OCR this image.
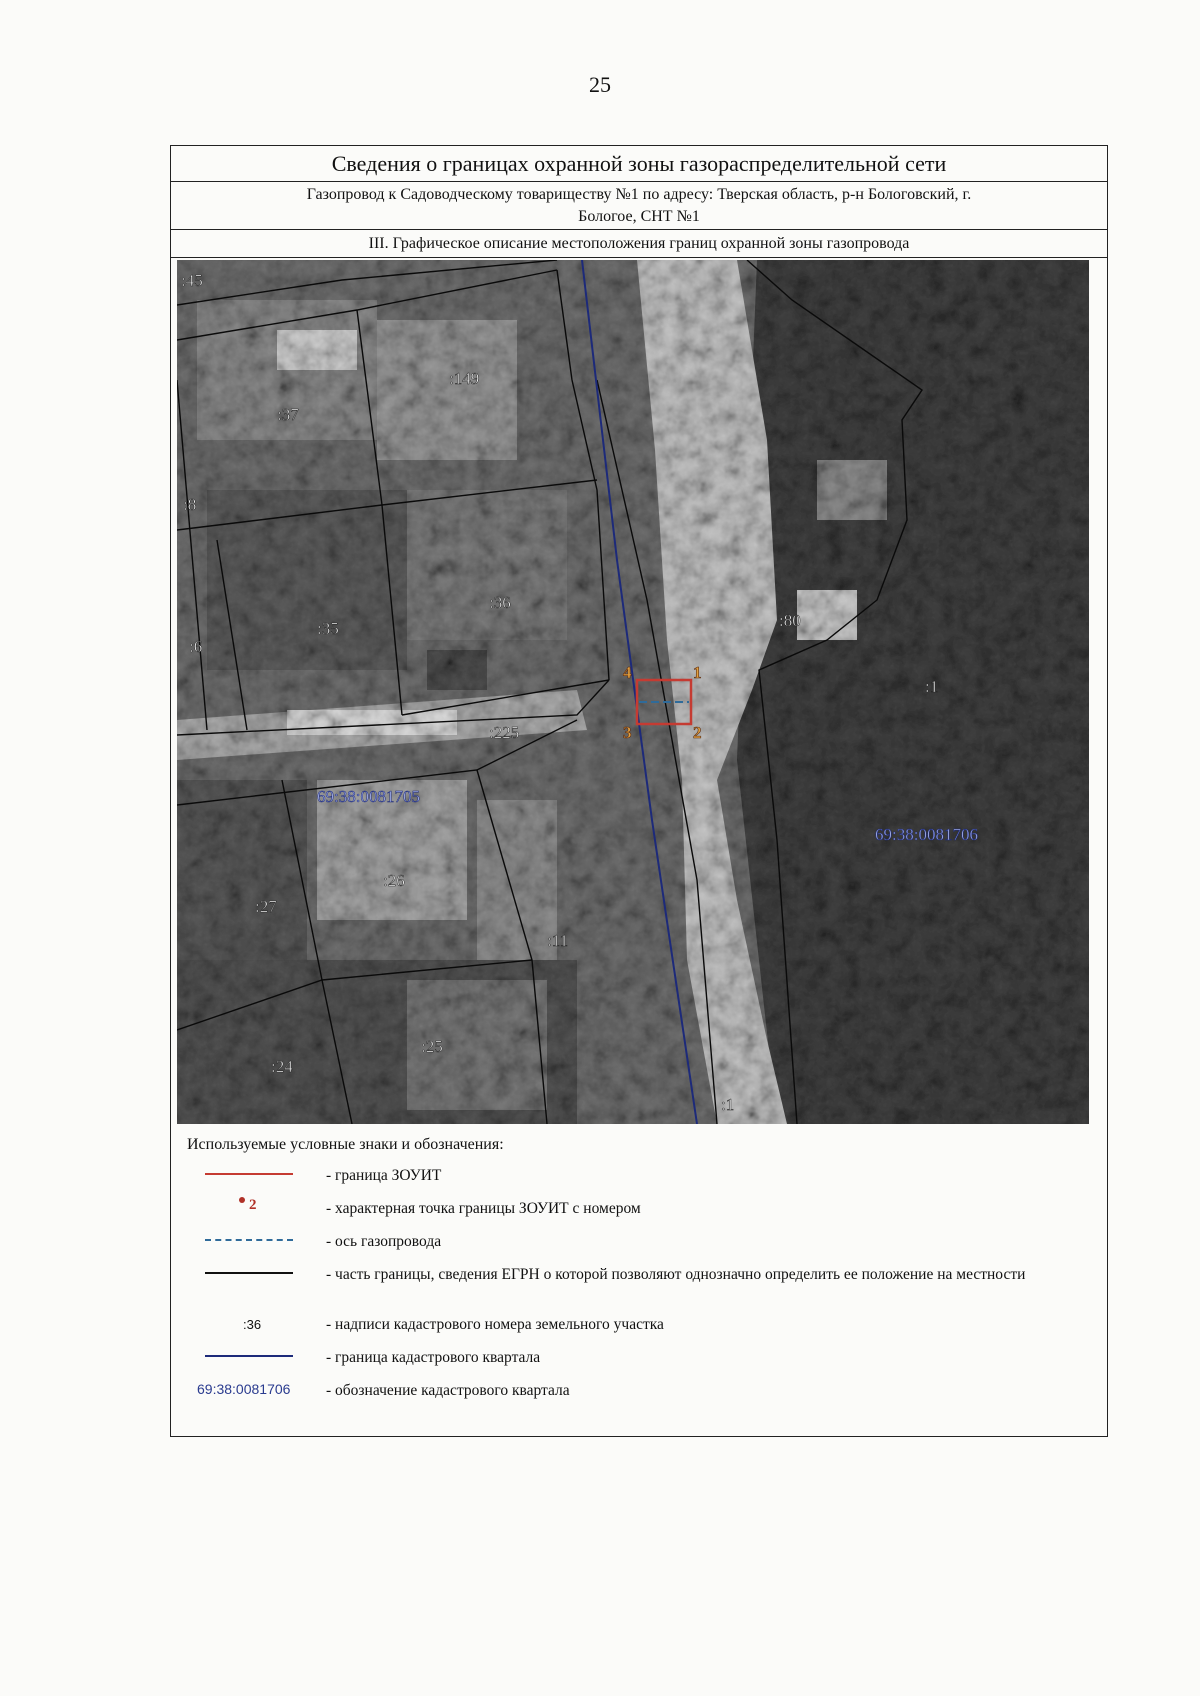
25
Сведения о границах охранной зоны газораспределительной сети
Газопровод к Садоводческому товариществу №1 по адресу: Тверская область, р-н Бологовский, г.
Бологое, СНТ №1
III. Графическое описание местоположения границ охранной зоны газопровода
4	1
3	2
:45
:149
:37
:8
:36
:35
:6
:80
:1
:225
:26
:27
:11
:25
:24
:1
69:38:0081705
69:38:0081706
Используемые условные знаки и обозначения:
- граница ЗОУИТ
2	- характерная точка границы ЗОУИТ с номером
- ось газопровода
- часть границы, сведения ЕГРН о которой позволяют однозначно определить ее положение на местности
:36	- надписи кадастрового номера земельного участка
- граница кадастрового квартала
69:38:0081706 - обозначение кадастрового квартала
